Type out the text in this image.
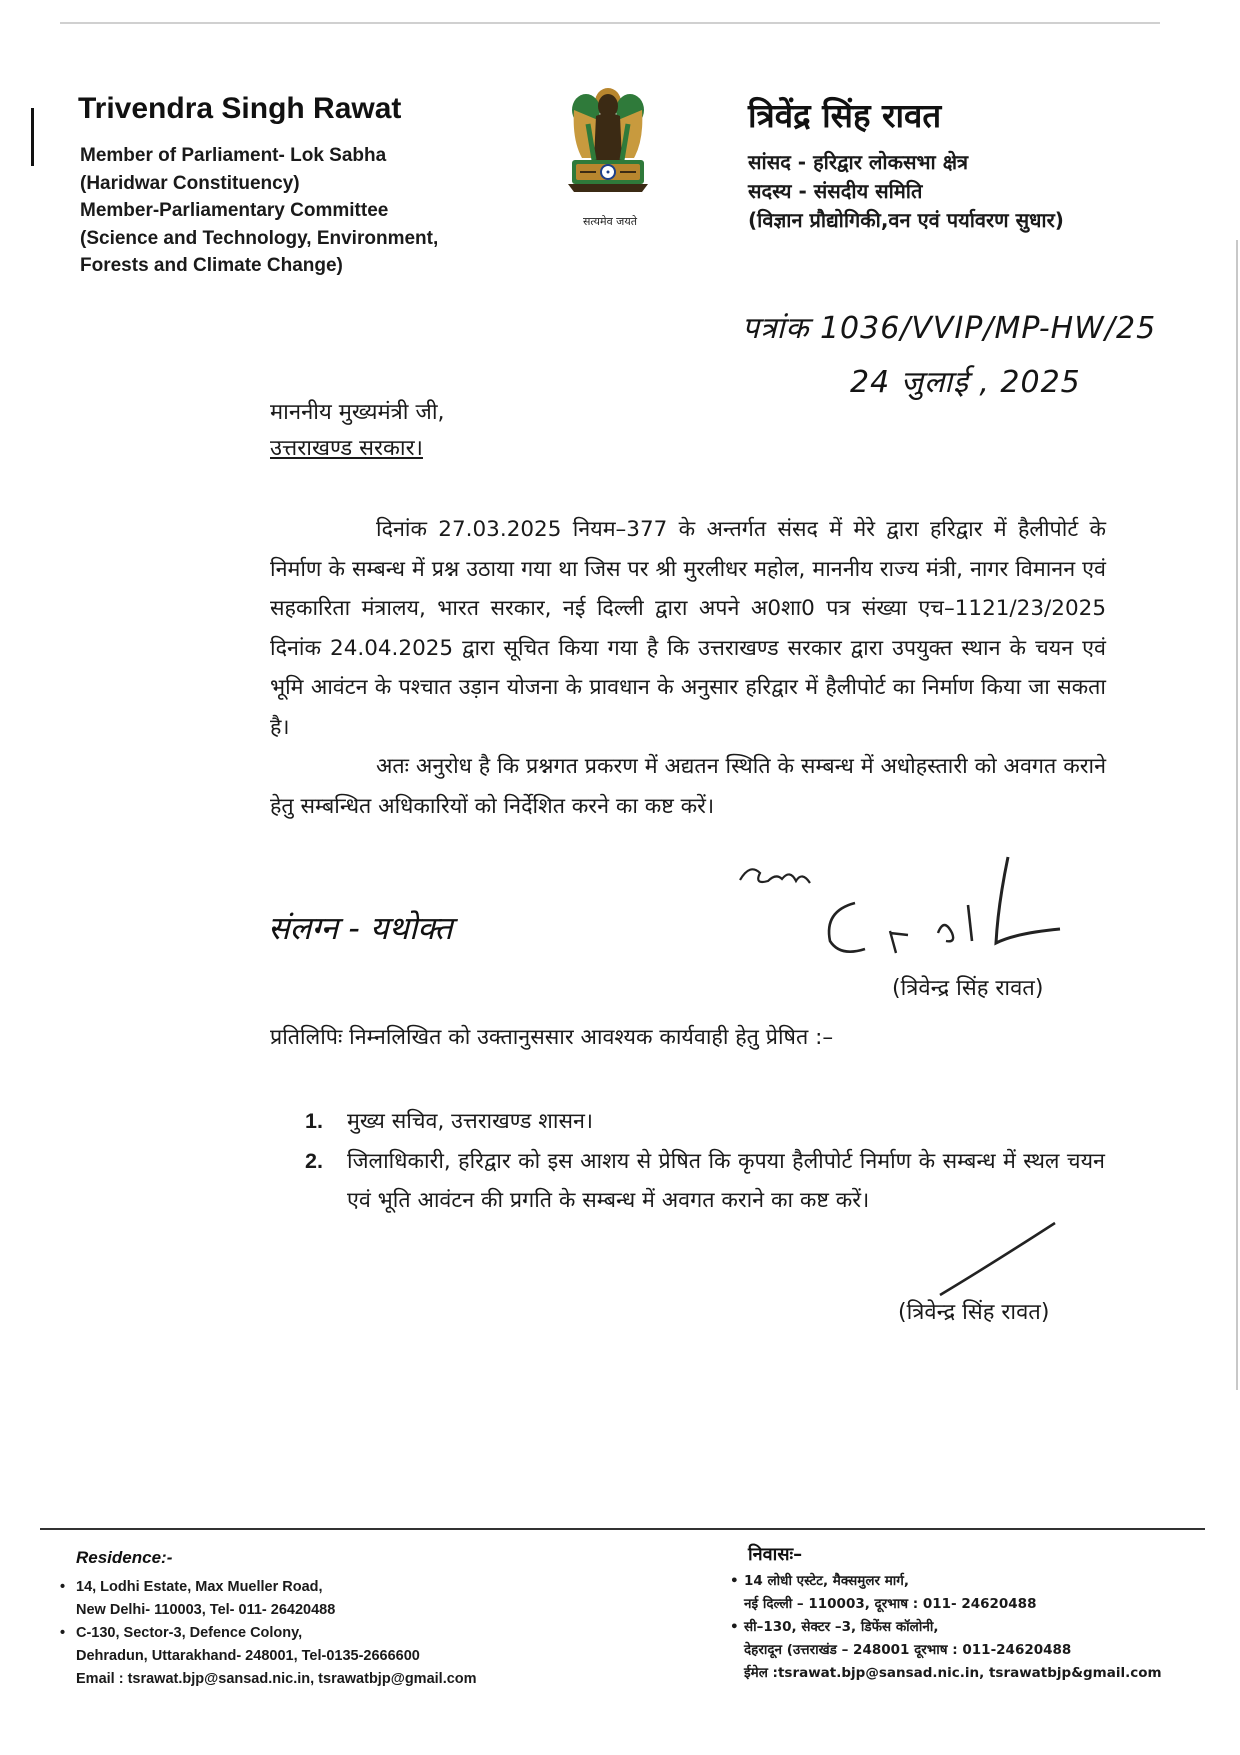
Trivendra Singh Rawat
Member of Parliament- Lok Sabha
(Haridwar Constituency)
Member-Parliamentary Committee
(Science and Technology, Environment,
Forests and Climate Change)
सत्यमेव जयते
त्रिवेंद्र सिंह रावत
सांसद - हरिद्वार लोकसभा क्षेत्र
सदस्य - संसदीय समिति
(विज्ञान प्रौद्योगिकी,वन एवं पर्यावरण सुधार)
पत्रांक 1036/VVIP/MP-HW/25
24 जुलाई , 2025
माननीय मुख्यमंत्री जी,
उत्तराखण्ड सरकार।

दिनांक 27.03.2025 नियम–377 के अन्तर्गत संसद में मेरे द्वारा हरिद्वार में हैलीपोर्ट के निर्माण के सम्बन्ध में प्रश्न उठाया गया था जिस पर श्री मुरलीधर महोल, माननीय राज्य मंत्री, नागर विमानन एवं सहकारिता मंत्रालय, भारत सरकार, नई दिल्ली द्वारा अपने अ0शा0 पत्र संख्या एच–1121/23/2025 दिनांक 24.04.2025 द्वारा सूचित किया गया है कि उत्तराखण्ड सरकार द्वारा उपयुक्त स्थान के चयन एवं भूमि आवंटन के पश्चात उड़ान योजना के प्रावधान के अनुसार हरिद्वार में हैलीपोर्ट का निर्माण किया जा सकता है।

अतः अनुरोध है कि प्रश्नगत प्रकरण में अद्यतन स्थिति के सम्बन्ध में अधोहस्तारी को अवगत कराने हेतु सम्बन्धित अधिकारियों को निर्देशित करने का कष्ट करें।

संलग्न - यथोक्त
(त्रिवेन्द्र सिंह रावत)
प्रतिलिपिः निम्नलिखित को उक्तानुससार आवश्यक कार्यवाही हेतु प्रेषित :–
1. मुख्य सचिव, उत्तराखण्ड शासन।
2. जिलाधिकारी, हरिद्वार को इस आशय से प्रेषित कि कृपया हैलीपोर्ट निर्माण के सम्बन्ध में स्थल चयन एवं भूति आवंटन की प्रगति के सम्बन्ध में अवगत कराने का कष्ट करें।
(त्रिवेन्द्र सिंह रावत)
Residence:-
• 14, Lodhi Estate, Max Mueller Road,
New Delhi- 110003, Tel- 011- 26420488
• C-130, Sector-3, Defence Colony,
Dehradun, Uttarakhand- 248001, Tel-0135-2666600
Email : tsrawat.bjp@sansad.nic.in, tsrawatbjp@gmail.com
निवासः–
• 14 लोधी एस्टेट, मैक्समुलर मार्ग,
नई दिल्ली – 110003, दूरभाष : 011- 24620488
• सी–130, सेक्टर –3, डिफेंस कॉलोनी,
देहरादून (उत्तराखंड – 248001 दूरभाष : 011-24620488
ईमेल :tsrawat.bjp@sansad.nic.in, tsrawatbjp&gmail.com
